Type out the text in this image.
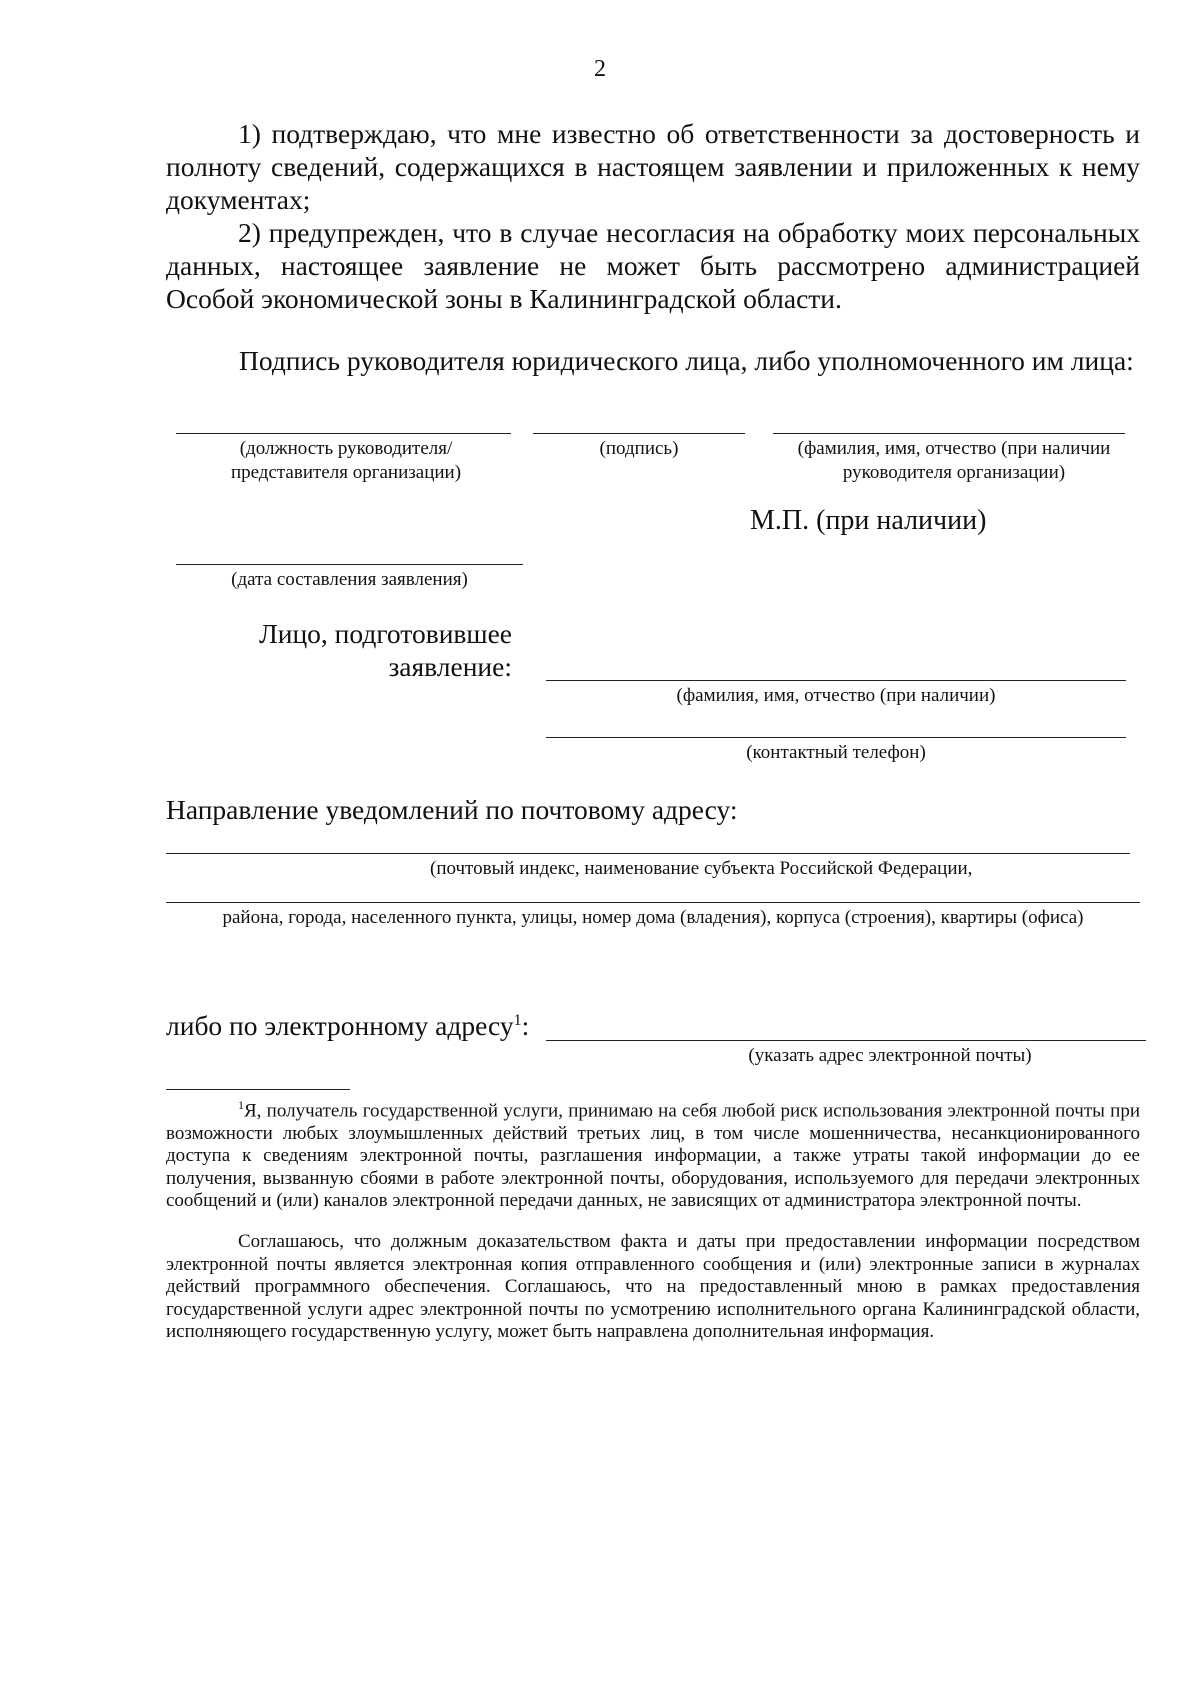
2

1) подтверждаю, что мне известно об ответственности за достоверность и полноту сведений, содержащихся в настоящем заявлении и приложенных к нему документах;

2) предупрежден, что в случае несогласия на обработку моих персональных данных, настоящее заявление не может быть рассмотрено администрацией Особой экономической зоны в Калининградской области.

Подпись руководителя юридического лица, либо уполномоченного им лица:
(должность руководителя/представителя организации)
(подпись)	(фамилия, имя, отчество (при наличии руководителя организации)
М.П. (при наличии)
(дата составления заявления)
Лицо, подготовившее заявление:
(фамилия, имя, отчество (при наличии)
(контактный телефон)
Направление уведомлений по почтовому адресу:
(почтовый индекс, наименование субъекта Российской Федерации,
района, города, населенного пункта, улицы, номер дома (владения), корпуса (строения), квартиры (офиса)
либо по электронному адресу$^1$:
(указать адрес электронной почты)

$^1$Я, получатель государственной услуги, принимаю на себя любой риск использования электронной почты при возможности любых злоумышленных действий третьих лиц, в том числе мошенничества, несанкционированного доступа к сведениям электронной почты, разглашения информации, а также утраты такой информации до ее получения, вызванную сбоями в работе электронной почты, оборудования, используемого для передачи электронных сообщений и (или) каналов электронной передачи данных, не зависящих от администратора электронной почты.

Соглашаюсь, что должным доказательством факта и даты при предоставлении информации посредством электронной почты является электронная копия отправленного сообщения и (или) электронные записи в журналах действий программного обеспечения. Соглашаюсь, что на предоставленный мною в рамках предоставления государственной услуги адрес электронной почты по усмотрению исполнительного органа Калининградской области, исполняющего государственную услугу, может быть направлена дополнительная информация.
